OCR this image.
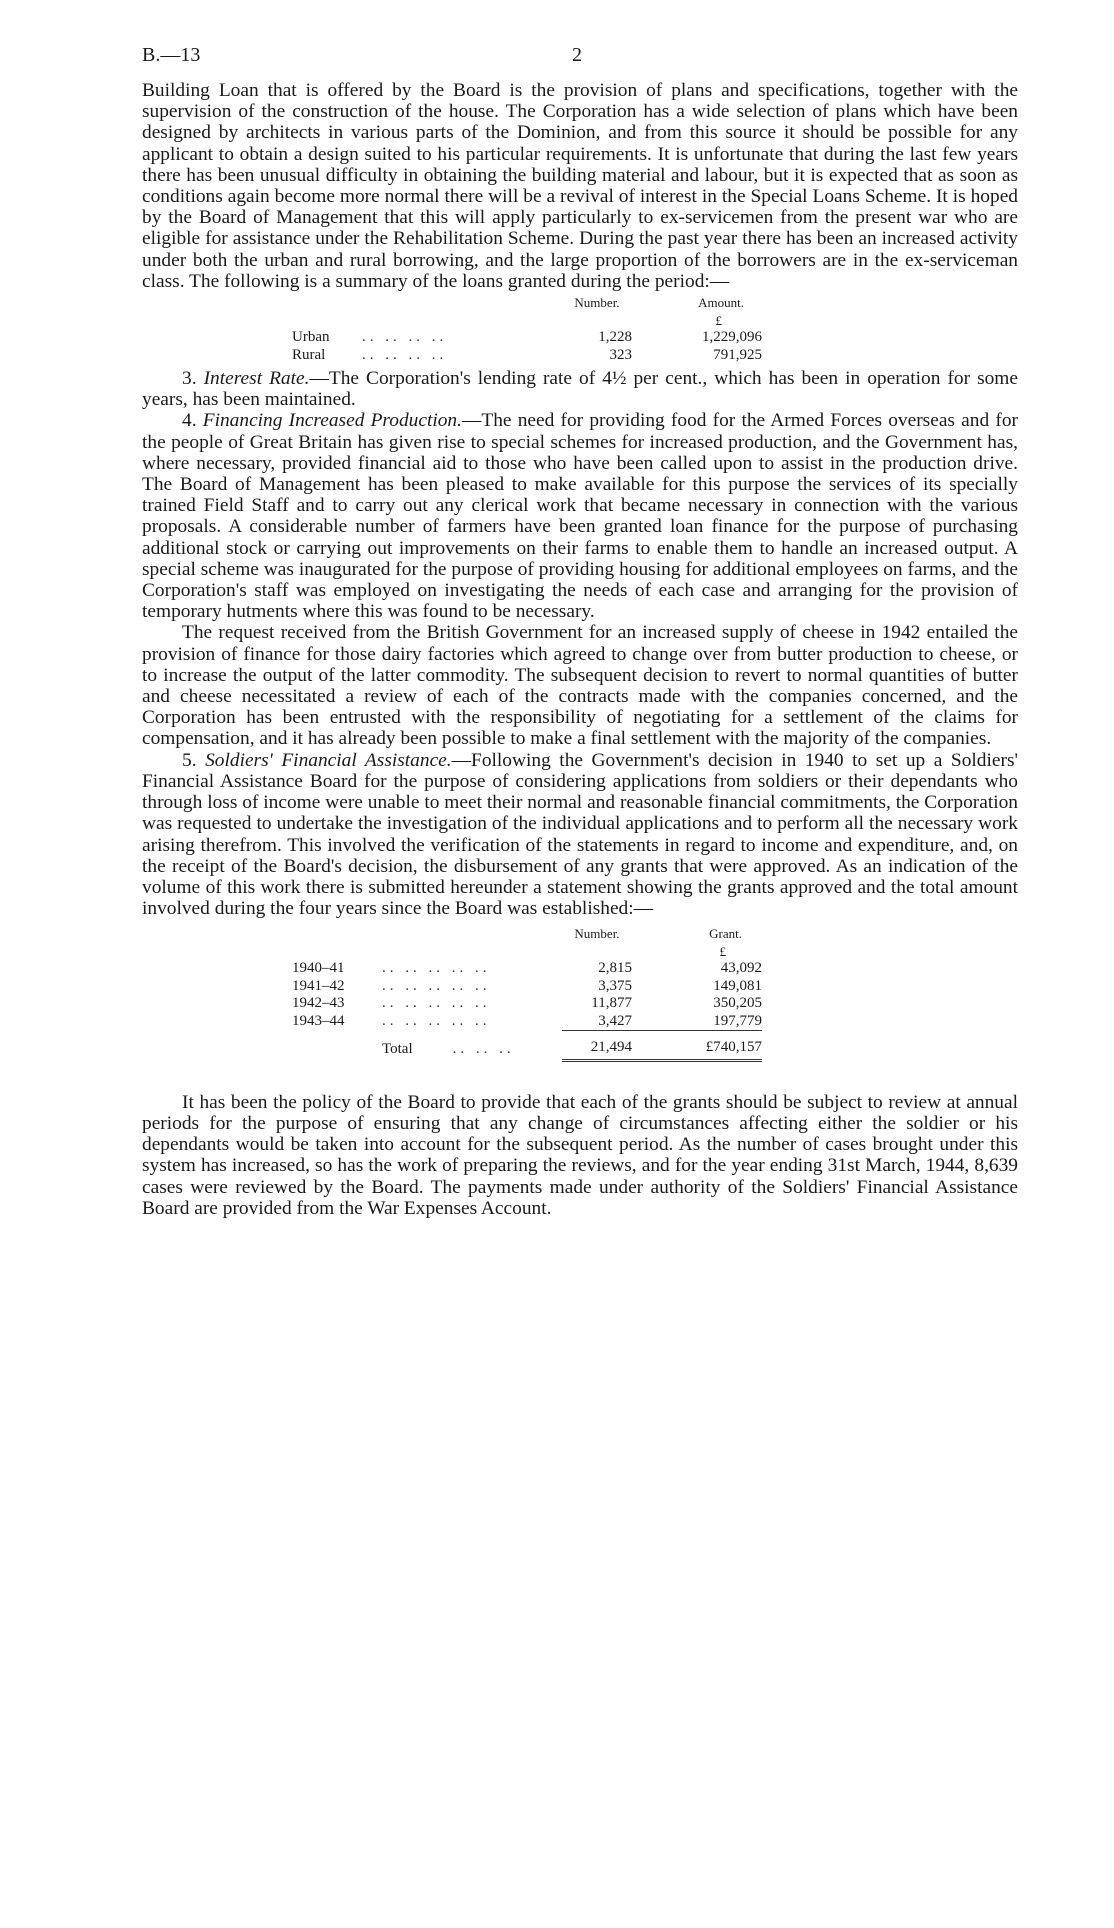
B.—13	2

Building Loan that is offered by the Board is the provision of plans and specifications, together with the supervision of the construction of the house. The Corporation has a wide selection of plans which have been designed by architects in various parts of the Dominion, and from this source it should be possible for any applicant to obtain a design suited to his particular requirements. It is unfortunate that during the last few years there has been unusual difficulty in obtaining the building material and labour, but it is expected that as soon as conditions again become more normal there will be a revival of interest in the Special Loans Scheme. It is hoped by the Board of Management that this will apply particularly to ex-servicemen from the present war who are eligible for assistance under the Rehabilitation Scheme. During the past year there has been an increased activity under both the urban and rural borrowing, and the large proportion of the borrowers are in the ex-serviceman class. The following is a summary of the loans granted during the period:—

		Number.	Amount.
			£
Urban	.. .. .. ..	1,228	1,229,096
Rural	.. .. .. ..	323	791,925

3. Interest Rate.—The Corporation's lending rate of 4½ per cent., which has been in operation for some years, has been maintained.

4. Financing Increased Production.—The need for providing food for the Armed Forces overseas and for the people of Great Britain has given rise to special schemes for increased production, and the Government has, where necessary, provided financial aid to those who have been called upon to assist in the production drive. The Board of Management has been pleased to make available for this purpose the services of its specially trained Field Staff and to carry out any clerical work that became necessary in connection with the various proposals. A considerable number of farmers have been granted loan finance for the purpose of purchasing additional stock or carrying out improvements on their farms to enable them to handle an increased output. A special scheme was inaugurated for the purpose of providing housing for additional employees on farms, and the Corporation's staff was employed on investigating the needs of each case and arranging for the provision of temporary hutments where this was found to be necessary.

The request received from the British Government for an increased supply of cheese in 1942 entailed the provision of finance for those dairy factories which agreed to change over from butter production to cheese, or to increase the output of the latter commodity. The subsequent decision to revert to normal quantities of butter and cheese necessitated a review of each of the contracts made with the companies concerned, and the Corporation has been entrusted with the responsibility of negotiating for a settlement of the claims for compensation, and it has already been possible to make a final settlement with the majority of the companies.

5. Soldiers' Financial Assistance.—Following the Government's decision in 1940 to set up a Soldiers' Financial Assistance Board for the purpose of considering applications from soldiers or their dependants who through loss of income were unable to meet their normal and reasonable financial commitments, the Corporation was requested to undertake the investigation of the individual applications and to perform all the necessary work arising therefrom. This involved the verification of the statements in regard to income and expenditure, and, on the receipt of the Board's decision, the disbursement of any grants that were approved. As an indication of the volume of this work there is submitted hereunder a statement showing the grants approved and the total amount involved during the four years since the Board was established:—

		Number.	Grant.
			£
1940–41	.. .. .. .. ..	2,815	43,092
1941–42	.. .. .. .. ..	3,375	149,081
1942–43	.. .. .. .. ..	11,877	350,205
1943–44	.. .. .. .. ..	3,427	197,779
	Total .. .. ..	21,494	£740,157

It has been the policy of the Board to provide that each of the grants should be subject to review at annual periods for the purpose of ensuring that any change of circumstances affecting either the soldier or his dependants would be taken into account for the subsequent period. As the number of cases brought under this system has increased, so has the work of preparing the reviews, and for the year ending 31st March, 1944, 8,639 cases were reviewed by the Board. The payments made under authority of the Soldiers' Financial Assistance Board are provided from the War Expenses Account.
